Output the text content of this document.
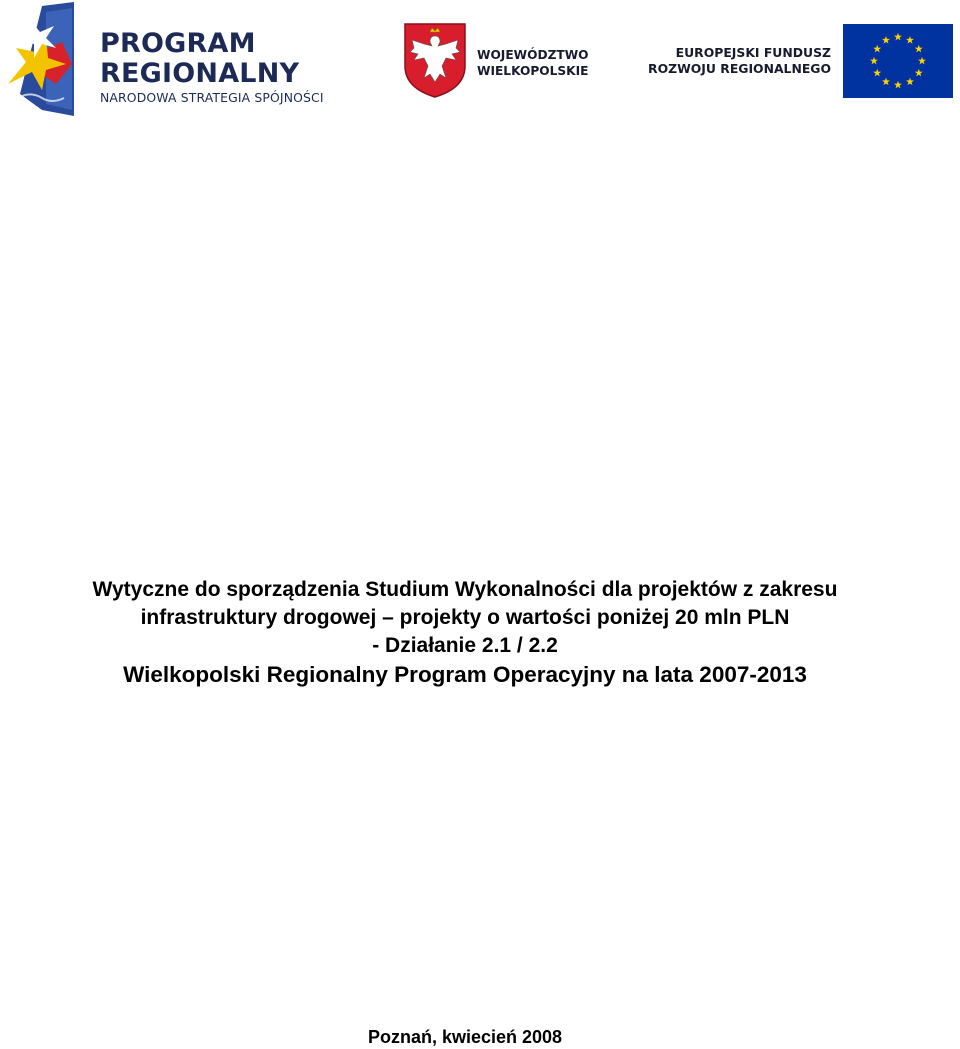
PROGRAM
REGIONALNY
NARODOWA STRATEGIA SPÓJNOŚCI
WOJEWÓDZTWO
WIELKOPOLSKIE
EUROPEJSKI FUNDUSZ
ROZWOJU REGIONALNEGO
Wytyczne do sporządzenia Studium Wykonalności dla projektów z zakresu
infrastruktury drogowej – projekty o wartości poniżej 20 mln PLN
- Działanie 2.1 / 2.2
Wielkopolski Regionalny Program Operacyjny na lata 2007-2013
Poznań, kwiecień 2008
